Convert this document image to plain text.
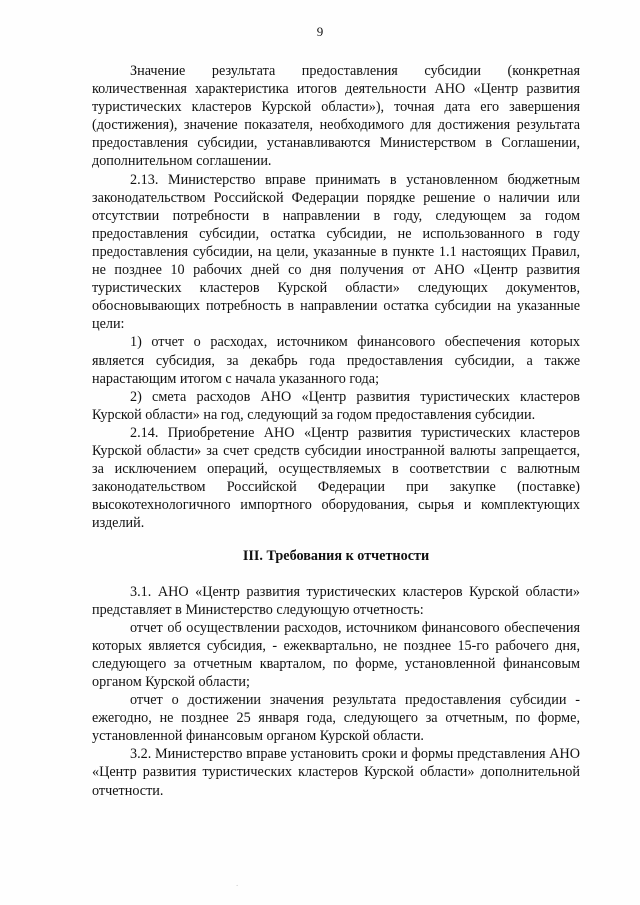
9

Значение результата предоставления субсидии (конкретная количественная характеристика итогов деятельности АНО «Центр развития туристических кластеров Курской области»), точная дата его завершения (достижения), значение показателя, необходимого для достижения результата предоставления субсидии, устанавливаются Министерством в Соглашении, дополнительном соглашении.

2.13. Министерство вправе принимать в установленном бюджетным законодательством Российской Федерации порядке решение о наличии или отсутствии потребности в направлении в году, следующем за годом предоставления субсидии, остатка субсидии, не использованного в году предоставления субсидии, на цели, указанные в пункте 1.1 настоящих Правил, не позднее 10 рабочих дней со дня получения от АНО «Центр развития туристических кластеров Курской области» следующих документов, обосновывающих потребность в направлении остатка субсидии на указанные цели:

1) отчет о расходах, источником финансового обеспечения которых является субсидия, за декабрь года предоставления субсидии, а также нарастающим итогом с начала указанного года;

2) смета расходов АНО «Центр развития туристических кластеров Курской области» на год, следующий за годом предоставления субсидии.

2.14. Приобретение АНО «Центр развития туристических кластеров Курской области» за счет средств субсидии иностранной валюты запрещается, за исключением операций, осуществляемых в соответствии с валютным законодательством Российской Федерации при закупке (поставке) высокотехнологичного импортного оборудования, сырья и комплектующих изделий.

III. Требования к отчетности

3.1. АНО «Центр развития туристических кластеров Курской области» представляет в Министерство следующую отчетность:

отчет об осуществлении расходов, источником финансового обеспечения которых является субсидия, - ежеквартально, не позднее 15-го рабочего дня, следующего за отчетным кварталом, по форме, установленной финансовым органом Курской области;

отчет о достижении значения результата предоставления субсидии - ежегодно, не позднее 25 января года, следующего за отчетным, по форме, установленной финансовым органом Курской области.

3.2. Министерство вправе установить сроки и формы представления АНО «Центр развития туристических кластеров Курской области» дополнительной отчетности.

.
